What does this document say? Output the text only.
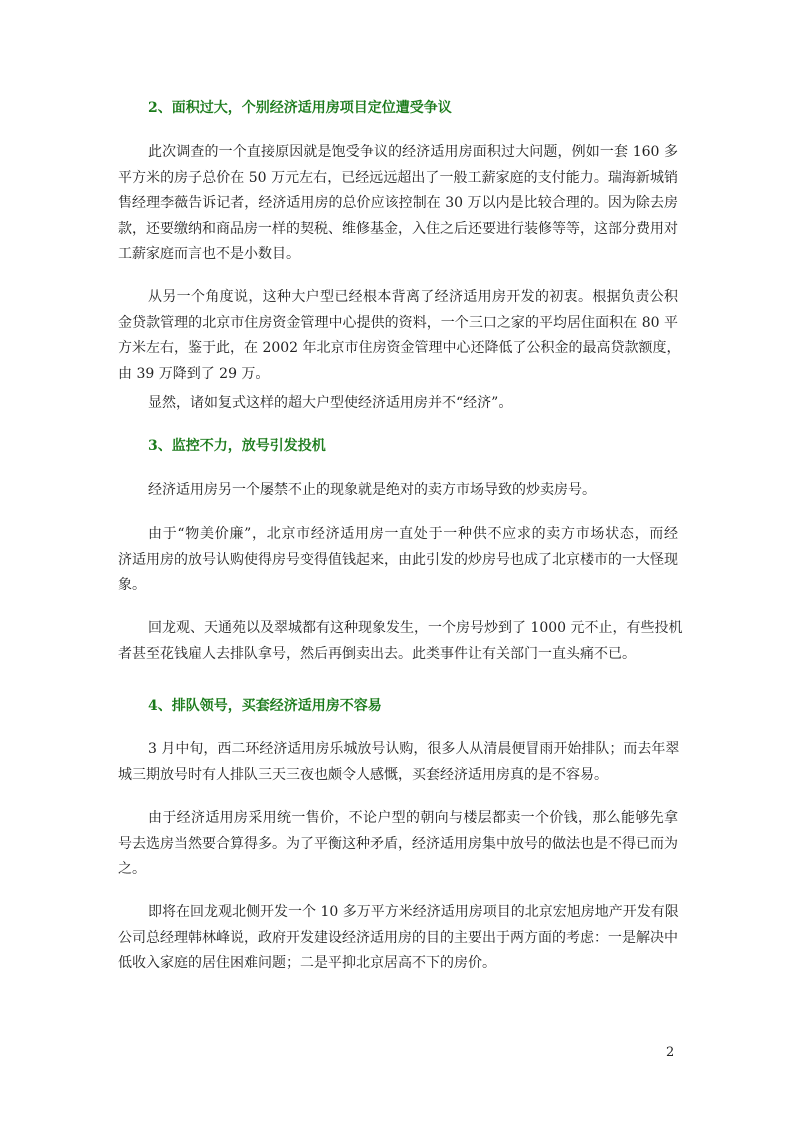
2、面积过大，个别经济适用房项目定位遭受争议
此次调查的一个直接原因就是饱受争议的经济适用房面积过大问题，例如一套 160 多
平方米的房子总价在 50 万元左右，已经远远超出了一般工薪家庭的支付能力。瑞海新城销
售经理李薇告诉记者，经济适用房的总价应该控制在 30 万以内是比较合理的。因为除去房
款，还要缴纳和商品房一样的契税、维修基金，入住之后还要进行装修等等，这部分费用对
工薪家庭而言也不是小数目。
从另一个角度说，这种大户型已经根本背离了经济适用房开发的初衷。根据负责公积
金贷款管理的北京市住房资金管理中心提供的资料，一个三口之家的平均居住面积在 80 平
方米左右，鉴于此，在 2002 年北京市住房资金管理中心还降低了公积金的最高贷款额度，
由 39 万降到了 29 万。
显然，诸如复式这样的超大户型使经济适用房并不“经济”。
3、监控不力，放号引发投机
经济适用房另一个屡禁不止的现象就是绝对的卖方市场导致的炒卖房号。
由于“物美价廉”，北京市经济适用房一直处于一种供不应求的卖方市场状态，而经
济适用房的放号认购使得房号变得值钱起来，由此引发的炒房号也成了北京楼市的一大怪现
象。
回龙观、天通苑以及翠城都有这种现象发生，一个房号炒到了 1000 元不止，有些投机
者甚至花钱雇人去排队拿号，然后再倒卖出去。此类事件让有关部门一直头痛不已。
4、排队领号，买套经济适用房不容易
3 月中旬，西二环经济适用房乐城放号认购，很多人从清晨便冒雨开始排队；而去年翠
城三期放号时有人排队三天三夜也颇令人感慨，买套经济适用房真的是不容易。
由于经济适用房采用统一售价，不论户型的朝向与楼层都卖一个价钱，那么能够先拿
号去选房当然要合算得多。为了平衡这种矛盾，经济适用房集中放号的做法也是不得已而为
之。
即将在回龙观北侧开发一个 10 多万平方米经济适用房项目的北京宏旭房地产开发有限
公司总经理韩林峰说，政府开发建设经济适用房的目的主要出于两方面的考虑：一是解决中
低收入家庭的居住困难问题；二是平抑北京居高不下的房价。
2
